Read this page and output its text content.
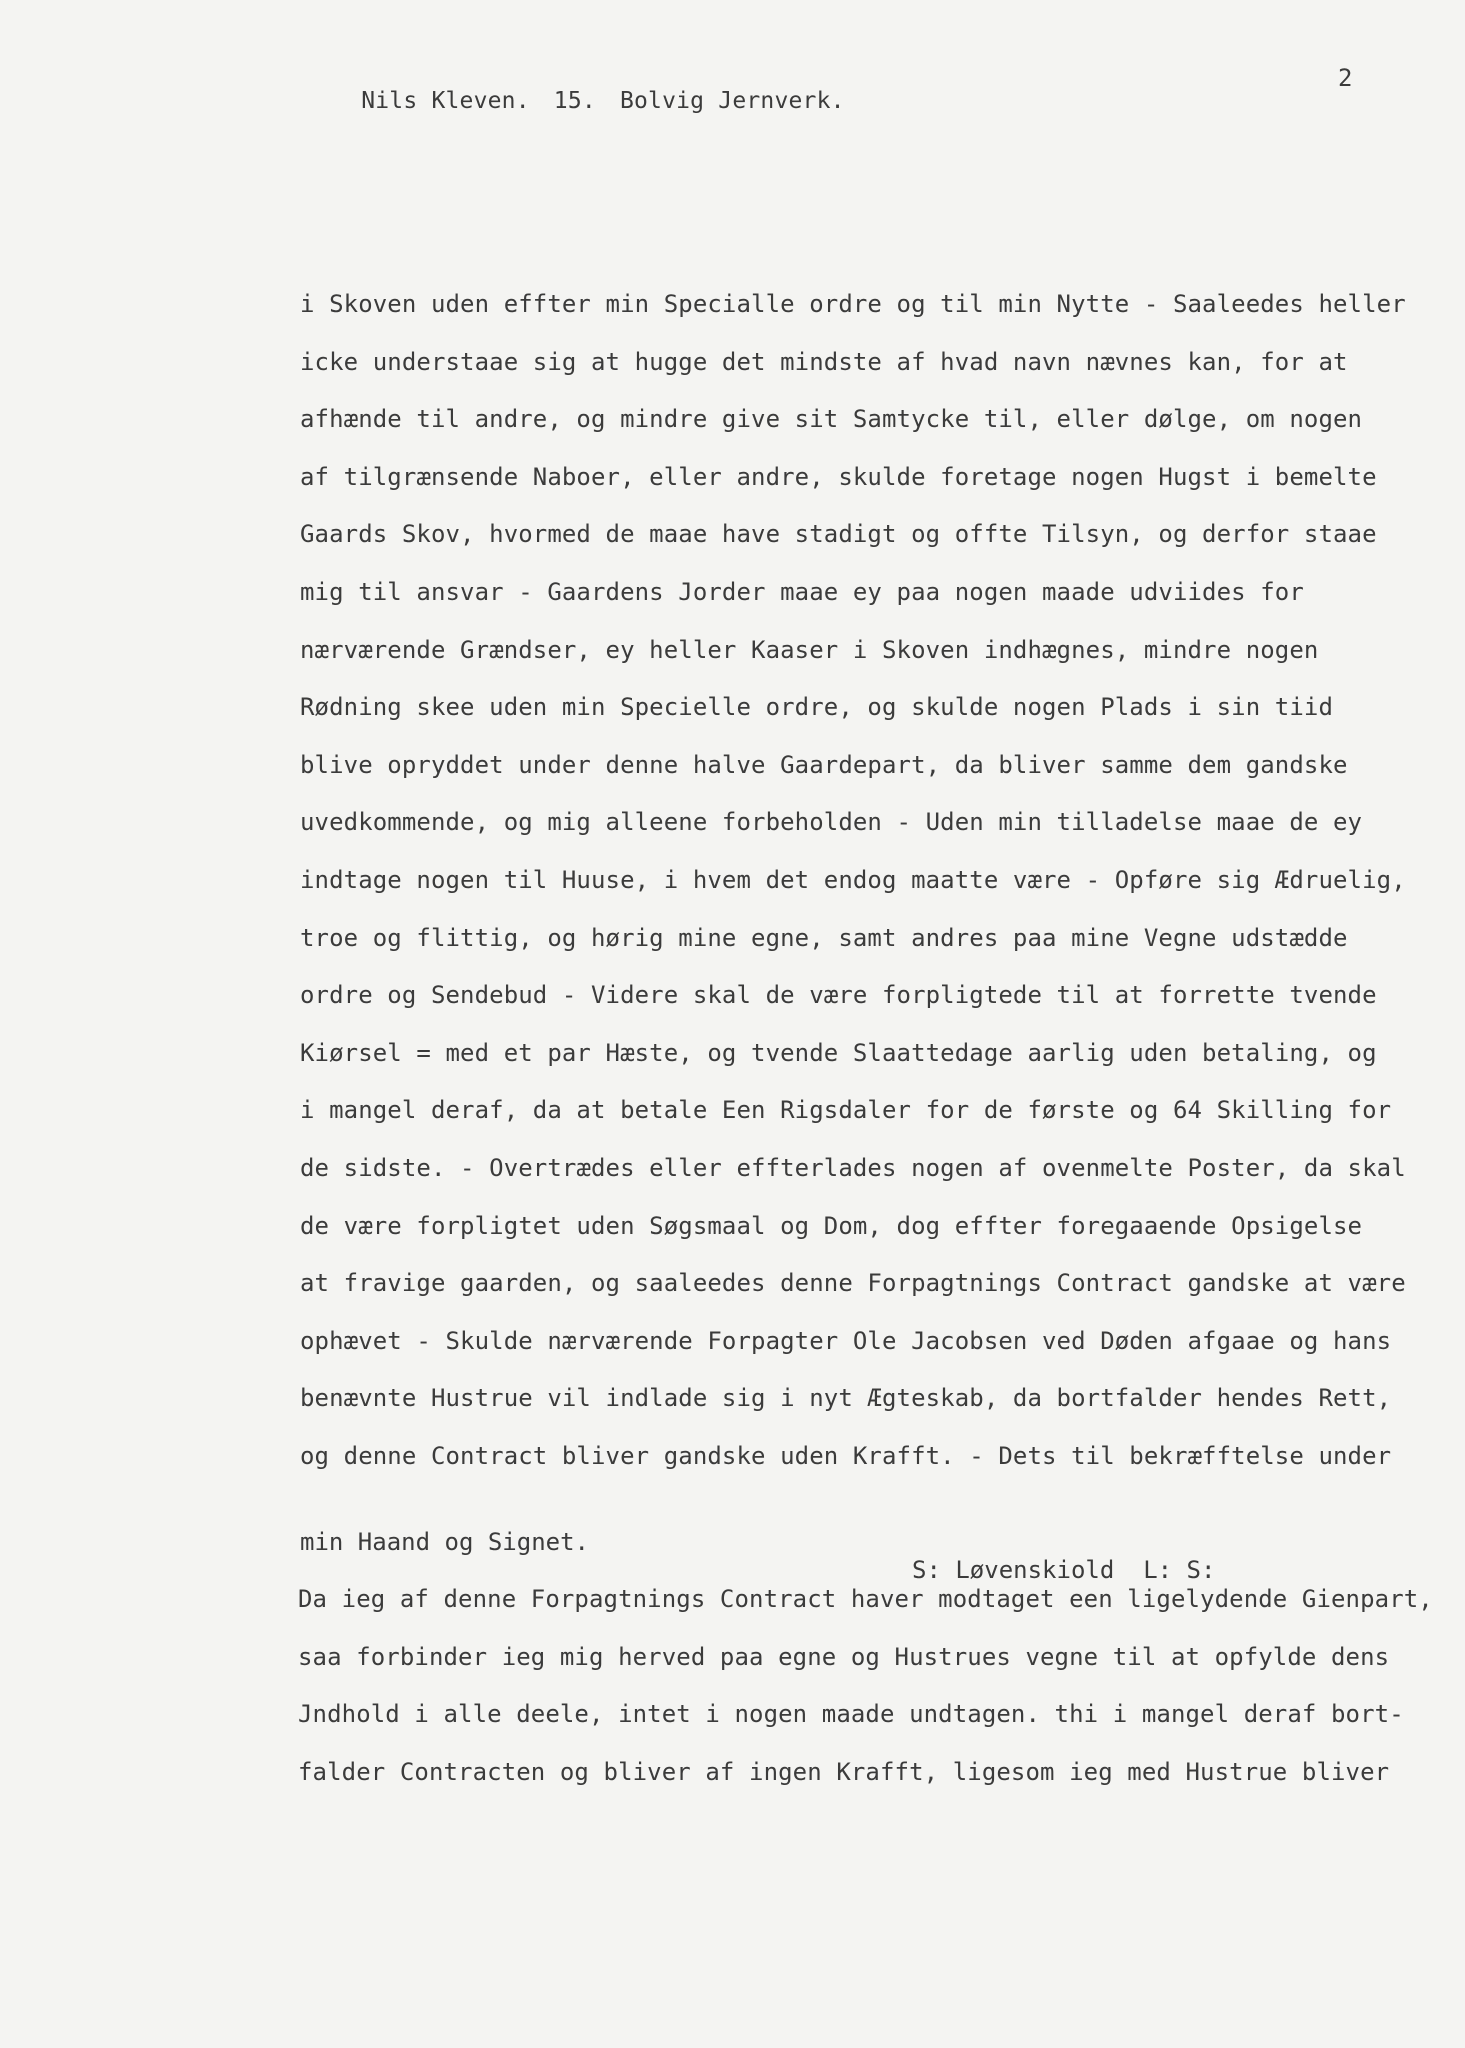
Nils Kleven. 15. Bolvig Jernverk.

2
i Skoven uden effter min Specialle ordre og til min Nytte - Saaleedes heller
icke understaae sig at hugge det mindste af hvad navn nævnes kan, for at
afhænde til andre, og mindre give sit Samtycke til, eller dølge, om nogen
af tilgrænsende Naboer, eller andre, skulde foretage nogen Hugst i bemelte
Gaards Skov, hvormed de maae have stadigt og offte Tilsyn, og derfor staae
mig til ansvar - Gaardens Jorder maae ey paa nogen maade udviides for
nærværende Grændser, ey heller Kaaser i Skoven indhægnes, mindre nogen
Rødning skee uden min Specielle ordre, og skulde nogen Plads i sin tiid
blive opryddet under denne halve Gaardepart, da bliver samme dem gandske
uvedkommende, og mig alleene forbeholden - Uden min tilladelse maae de ey
indtage nogen til Huuse, i hvem det endog maatte være - Opføre sig Ædruelig,
troe og flittig, og hørig mine egne, samt andres paa mine Vegne udstædde
ordre og Sendebud - Videre skal de være forpligtede til at forrette tvende
Kiørsel = med et par Hæste, og tvende Slaattedage aarlig uden betaling, og
i mangel deraf, da at betale Een Rigsdaler for de første og 64 Skilling for
de sidste. - Overtrædes eller effterlades nogen af ovenmelte Poster, da skal
de være forpligtet uden Søgsmaal og Dom, dog effter foregaaende Opsigelse
at fravige gaarden, og saaleedes denne Forpagtnings Contract gandske at være
ophævet - Skulde nærværende Forpagter Ole Jacobsen ved Døden afgaae og hans
benævnte Hustrue vil indlade sig i nyt Ægteskab, da bortfalder hendes Rett,
og denne Contract bliver gandske uden Krafft. - Dets til bekræfftelse under

min Haand og Signet.

S: Løvenskiold  L: S:

Da ieg af denne Forpagtnings Contract haver modtaget een ligelydende Gienpart,
saa forbinder ieg mig herved paa egne og Hustrues vegne til at opfylde dens
Jndhold i alle deele, intet i nogen maade undtagen. thi i mangel deraf bort-
falder Contracten og bliver af ingen Krafft, ligesom ieg med Hustrue bliver
